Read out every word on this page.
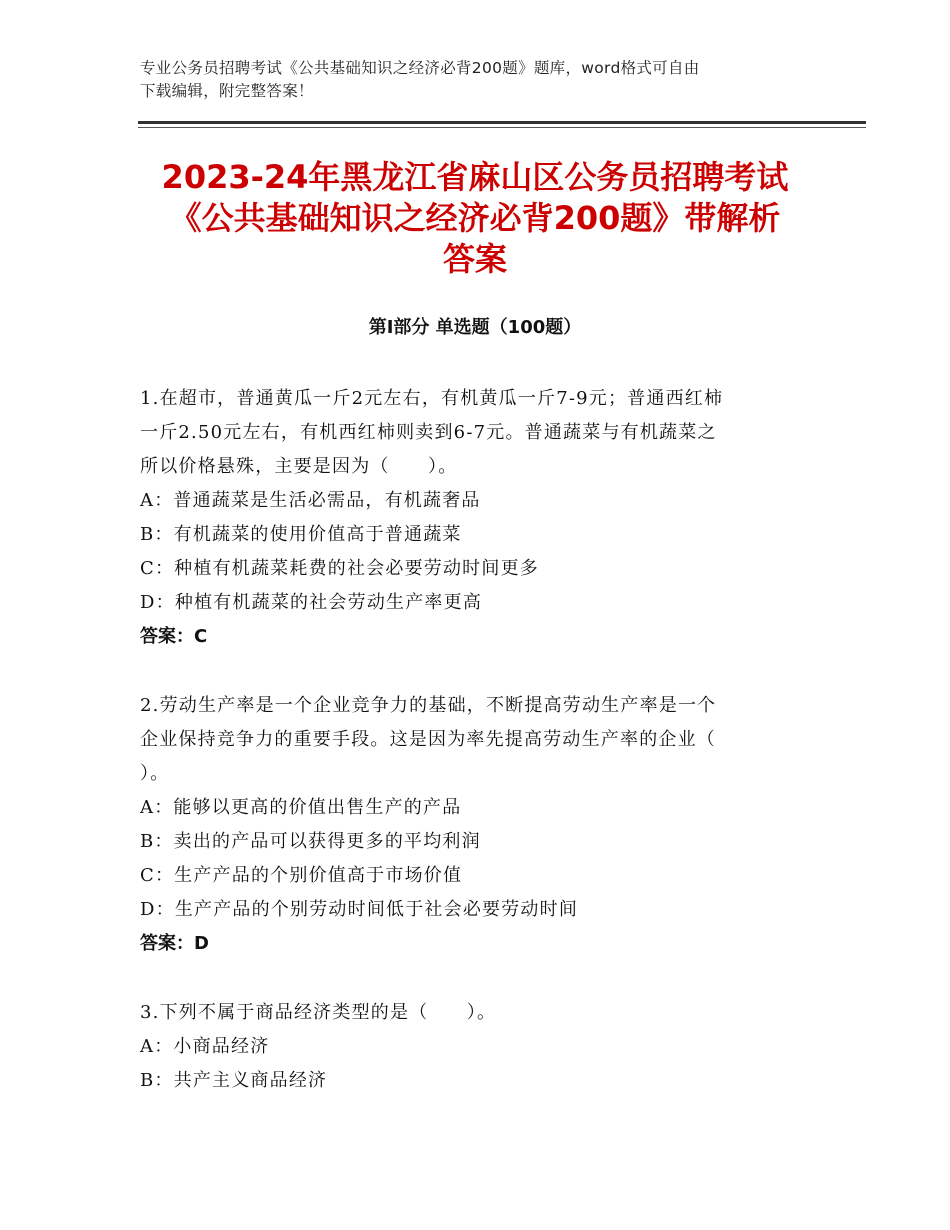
专业公务员招聘考试《公共基础知识之经济必背200题》题库，word格式可自由
下载编辑，附完整答案！
2023-24年黑龙江省麻山区公务员招聘考试
《公共基础知识之经济必背200题》带解析
答案
第Ⅰ部分 单选题（100题）
1.在超市，普通黄瓜一斤2元左右，有机黄瓜一斤7-9元；普通西红柿
一斤2.50元左右，有机西红柿则卖到6-7元。普通蔬菜与有机蔬菜之
所以价格悬殊，主要是因为（　　）。
A：普通蔬菜是生活必需品，有机蔬奢品
B：有机蔬菜的使用价值高于普通蔬菜
C：种植有机蔬菜耗费的社会必要劳动时间更多
D：种植有机蔬菜的社会劳动生产率更高
答案：C
2.劳动生产率是一个企业竞争力的基础，不断提高劳动生产率是一个
企业保持竞争力的重要手段。这是因为率先提高劳动生产率的企业（
）。
A：能够以更高的价值出售生产的产品
B：卖出的产品可以获得更多的平均利润
C：生产产品的个别价值高于市场价值
D：生产产品的个别劳动时间低于社会必要劳动时间
答案：D
3.下列不属于商品经济类型的是（　　）。
A：小商品经济
B：共产主义商品经济
